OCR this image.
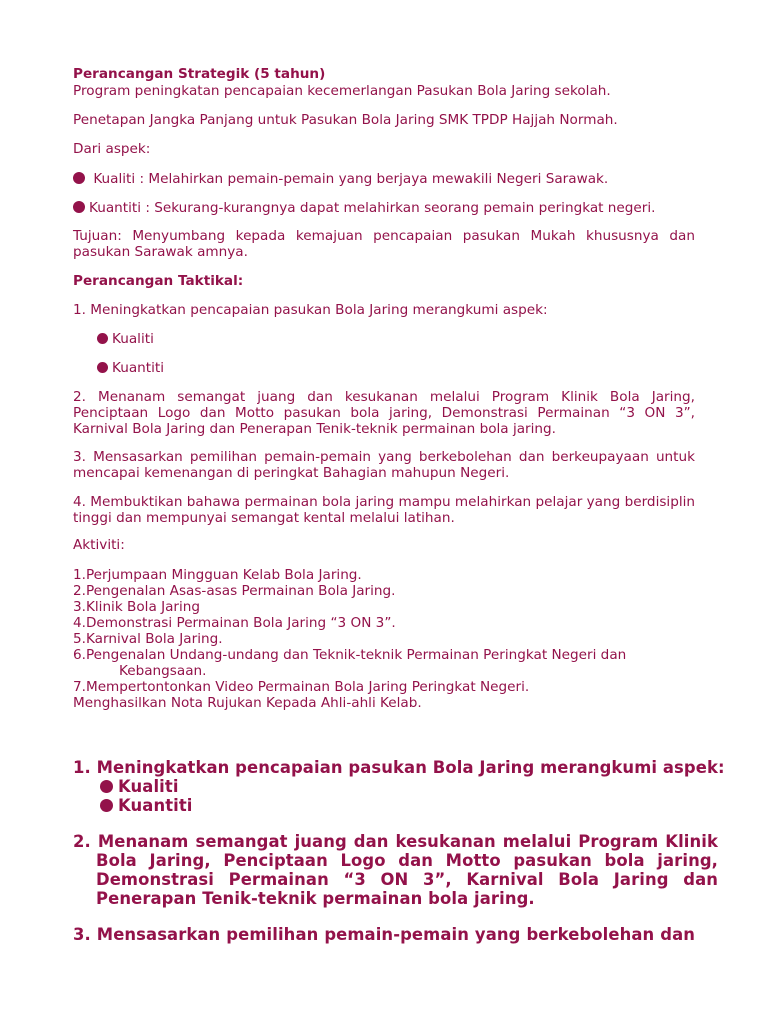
Perancangan Strategik (5 tahun)

Program peningkatan pencapaian kecemerlangan Pasukan Bola Jaring sekolah.

Penetapan Jangka Panjang untuk Pasukan Bola Jaring SMK TPDP Hajjah Normah.

Dari aspek:

Kualiti : Melahirkan pemain-pemain yang berjaya mewakili Negeri Sarawak.

Kuantiti : Sekurang-kurangnya dapat melahirkan seorang pemain peringkat negeri.

Tujuan: Menyumbang kepada kemajuan pencapaian pasukan Mukah khususnya dan pasukan Sarawak amnya.

Perancangan Taktikal:

1. Meningkatkan pencapaian pasukan Bola Jaring merangkumi aspek:

Kualiti

Kuantiti

2. Menanam semangat juang dan kesukanan melalui Program Klinik Bola Jaring, Penciptaan Logo dan Motto pasukan bola jaring, Demonstrasi Permainan “3 ON 3”, Karnival Bola Jaring dan Penerapan Tenik-teknik permainan bola jaring.

3. Mensasarkan pemilihan pemain-pemain yang berkebolehan dan berkeupayaan untuk mencapai kemenangan di peringkat Bahagian mahupun Negeri.

4. Membuktikan bahawa permainan bola jaring mampu melahirkan pelajar yang berdisiplin tinggi dan mempunyai semangat kental melalui latihan.

Aktiviti:

1.Perjumpaan Mingguan Kelab Bola Jaring.

2.Pengenalan Asas-asas Permainan Bola Jaring.

3.Klinik Bola Jaring

4.Demonstrasi Permainan Bola Jaring “3 ON 3”.

5.Karnival Bola Jaring.

6.Pengenalan Undang-undang dan Teknik-teknik Permainan Peringkat Negeri dan

Kebangsaan.

7.Mempertontonkan Video Permainan Bola Jaring Peringkat Negeri.

Menghasilkan Nota Rujukan Kepada Ahli-ahli Kelab.

1. Meningkatkan pencapaian pasukan Bola Jaring merangkumi aspek:

Kualiti

Kuantiti

2. Menanam semangat juang dan kesukanan melalui Program Klinik Bola Jaring, Penciptaan Logo dan Motto pasukan bola jaring, Demonstrasi Permainan “3 ON 3”, Karnival Bola Jaring dan Penerapan Tenik-teknik permainan bola jaring.

3. Mensasarkan pemilihan pemain-pemain yang berkebolehan dan
